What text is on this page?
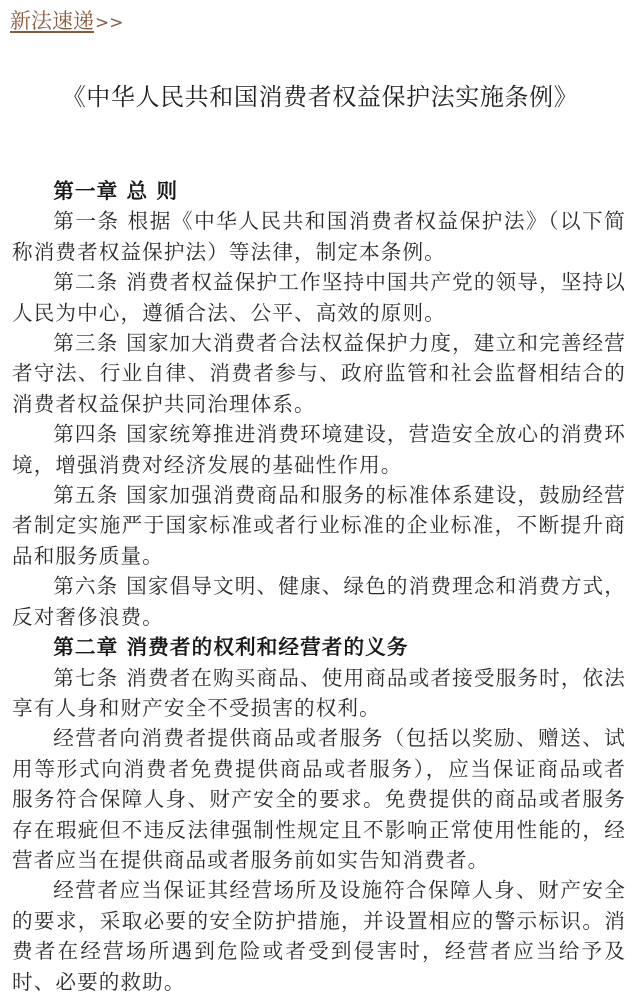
新法速递>>
《中华人民共和国消费者权益保护法实施条例》

第一章 总 则

第一条 根据《中华人民共和国消费者权益保护法》（以下简称消费者权益保护法）等法律，制定本条例。

第二条 消费者权益保护工作坚持中国共产党的领导，坚持以人民为中心，遵循合法、公平、高效的原则。

第三条 国家加大消费者合法权益保护力度，建立和完善经营者守法、行业自律、消费者参与、政府监管和社会监督相结合的消费者权益保护共同治理体系。

第四条 国家统筹推进消费环境建设，营造安全放心的消费环境，增强消费对经济发展的基础性作用。

第五条 国家加强消费商品和服务的标准体系建设，鼓励经营者制定实施严于国家标准或者行业标准的企业标准，不断提升商品和服务质量。

第六条 国家倡导文明、健康、绿色的消费理念和消费方式，反对奢侈浪费。

第二章 消费者的权利和经营者的义务

第七条 消费者在购买商品、使用商品或者接受服务时，依法享有人身和财产安全不受损害的权利。

经营者向消费者提供商品或者服务（包括以奖励、赠送、试用等形式向消费者免费提供商品或者服务），应当保证商品或者服务符合保障人身、财产安全的要求。免费提供的商品或者服务存在瑕疵但不违反法律强制性规定且不影响正常使用性能的，经营者应当在提供商品或者服务前如实告知消费者。

经营者应当保证其经营场所及设施符合保障人身、财产安全的要求，采取必要的安全防护措施，并设置相应的警示标识。消费者在经营场所遇到危险或者受到侵害时，经营者应当给予及时、必要的救助。
